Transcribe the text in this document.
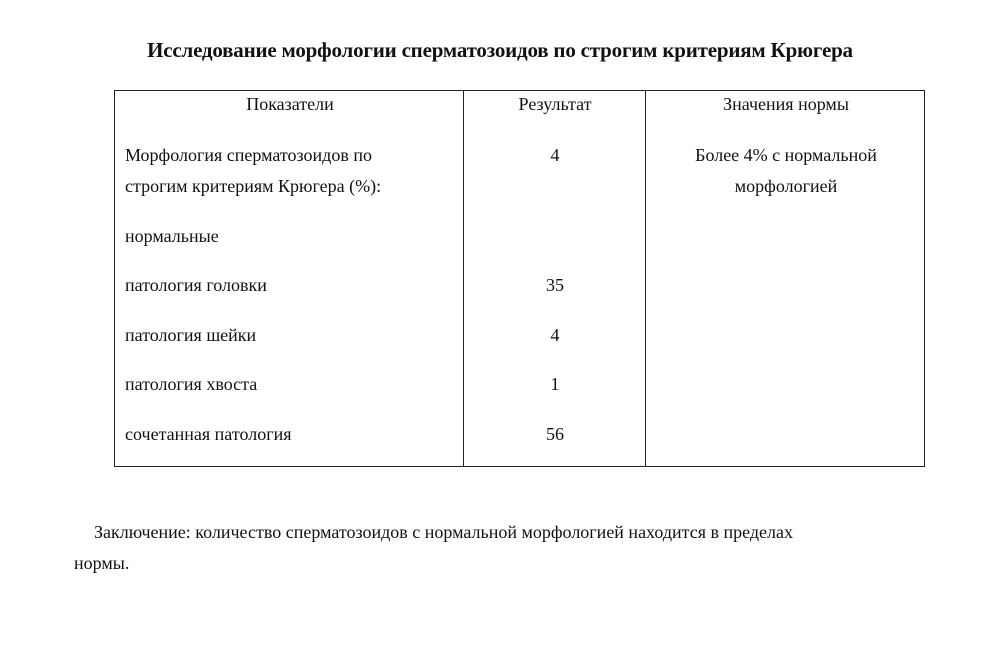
Исследование морфологии сперматозоидов по строгим критериям Крюгера
Показатели	Результат	Значения нормы
Морфология сперматозоидов по
строгим критериям Крюгера (%):
4	Более 4% с нормальной
морфологией
нормальные
патология головки	35
патология шейки	4
патология хвоста	1
сочетанная патология	56
Заключение: количество сперматозоидов с нормальной морфологией находится в пределах
нормы.
